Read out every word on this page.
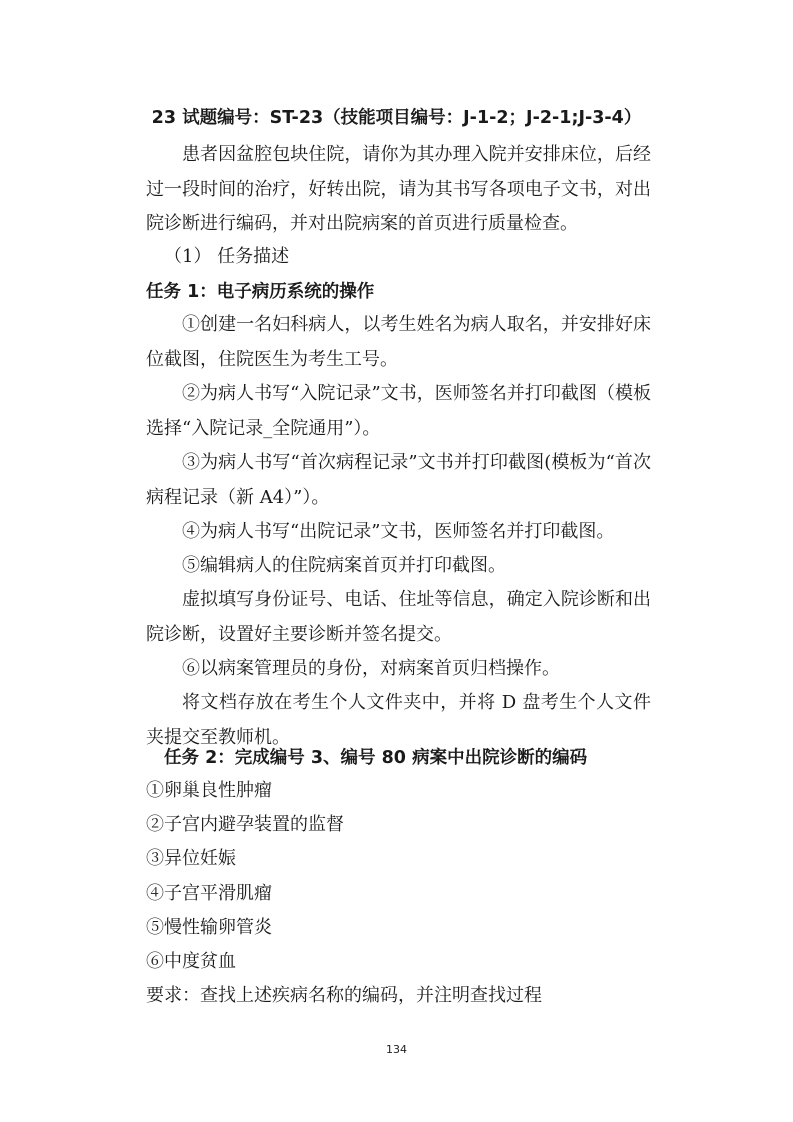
23 试题编号：ST-23（技能项目编号：J-1-2；J-2-1;J-3-4）

患者因盆腔包块住院，请你为其办理入院并安排床位，后经过一段时间的治疗，好转出院，请为其书写各项电子文书，对出院诊断进行编码，并对出院病案的首页进行质量检查。

（1） 任务描述
任务 1：电子病历系统的操作

①创建一名妇科病人，以考生姓名为病人取名，并安排好床位截图，住院医生为考生工号。

②为病人书写“入院记录”文书，医师签名并打印截图（模板选择“入院记录_全院通用”）。

③为病人书写“首次病程记录”文书并打印截图(模板为“首次病程记录（新 A4）”）。

④为病人书写“出院记录”文书，医师签名并打印截图。

⑤编辑病人的住院病案首页并打印截图。

虚拟填写身份证号、电话、住址等信息，确定入院诊断和出院诊断，设置好主要诊断并签名提交。

⑥以病案管理员的身份，对病案首页归档操作。

将文档存放在考生个人文件夹中，并将 D 盘考生个人文件夹提交至教师机。

任务 2：完成编号 3、编号 80 病案中出院诊断的编码
①卵巢良性肿瘤
②子宫内避孕装置的监督
③异位妊娠
④子宫平滑肌瘤
⑤慢性输卵管炎
⑥中度贫血
要求：查找上述疾病名称的编码，并注明查找过程
134
